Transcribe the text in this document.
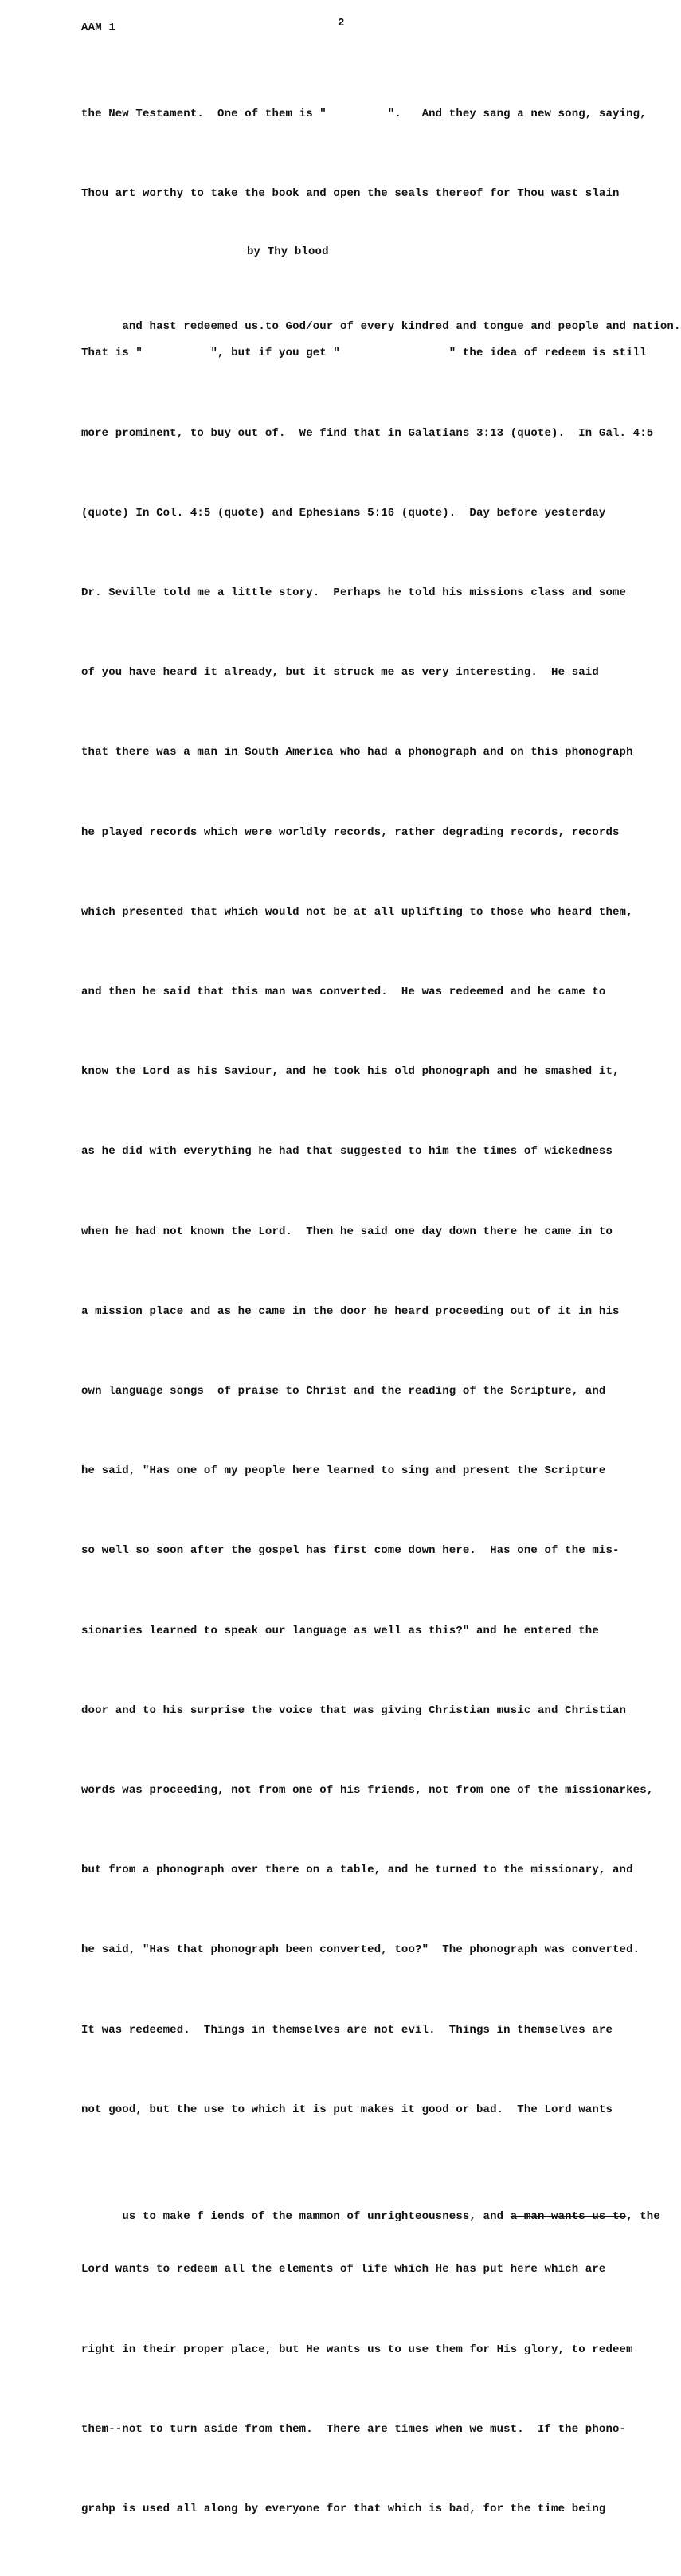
AAM 1	2

the New Testament.  One of them is "         ".   And they sang a new song, saying,

Thou art worthy to take the book and open the seals thereof for Thou wast slain

by Thy blood

and hast redeemed us.to God/our of every kindred and tongue and people and nation.

That is "          ", but if you get "                " the idea of redeem is still

more prominent, to buy out of.  We find that in Galatians 3:13 (quote).  In Gal. 4:5

(quote) In Col. 4:5 (quote) and Ephesians 5:16 (quote).  Day before yesterday

Dr. Seville told me a little story.  Perhaps he told his missions class and some

of you have heard it already, but it struck me as very interesting.  He said

that there was a man in South America who had a phonograph and on this phonograph

he played records which were worldly records, rather degrading records, records

which presented that which would not be at all uplifting to those who heard them,

and then he said that this man was converted.  He was redeemed and he came to

know the Lord as his Saviour, and he took his old phonograph and he smashed it,

as he did with everything he had that suggested to him the times of wickedness

when he had not known the Lord.  Then he said one day down there he came in to

a mission place and as he came in the door he heard proceeding out of it in his

own language songs  of praise to Christ and the reading of the Scripture, and

he said, "Has one of my people here learned to sing and present the Scripture

so well so soon after the gospel has first come down here.  Has one of the mis-

sionaries learned to speak our language as well as this?" and he entered the

door and to his surprise the voice that was giving Christian music and Christian

words was proceeding, not from one of his friends, not from one of the missionarkes,

but from a phonograph over there on a table, and he turned to the missionary, and

he said, "Has that phonograph been converted, too?"  The phonograph was converted.

It was redeemed.  Things in themselves are not evil.  Things in themselves are

not good, but the use to which it is put makes it good or bad.  The Lord wants

us to make f iends of the mammon of unrighteousness, and a man wants us to, the

Lord wants to redeem all the elements of life which He has put here which are

right in their proper place, but He wants us to use them for His glory, to redeem

them--not to turn aside from them.  There are times when we must.  If the phono-

grahp is used all along by everyone for that which is bad, for the time being
